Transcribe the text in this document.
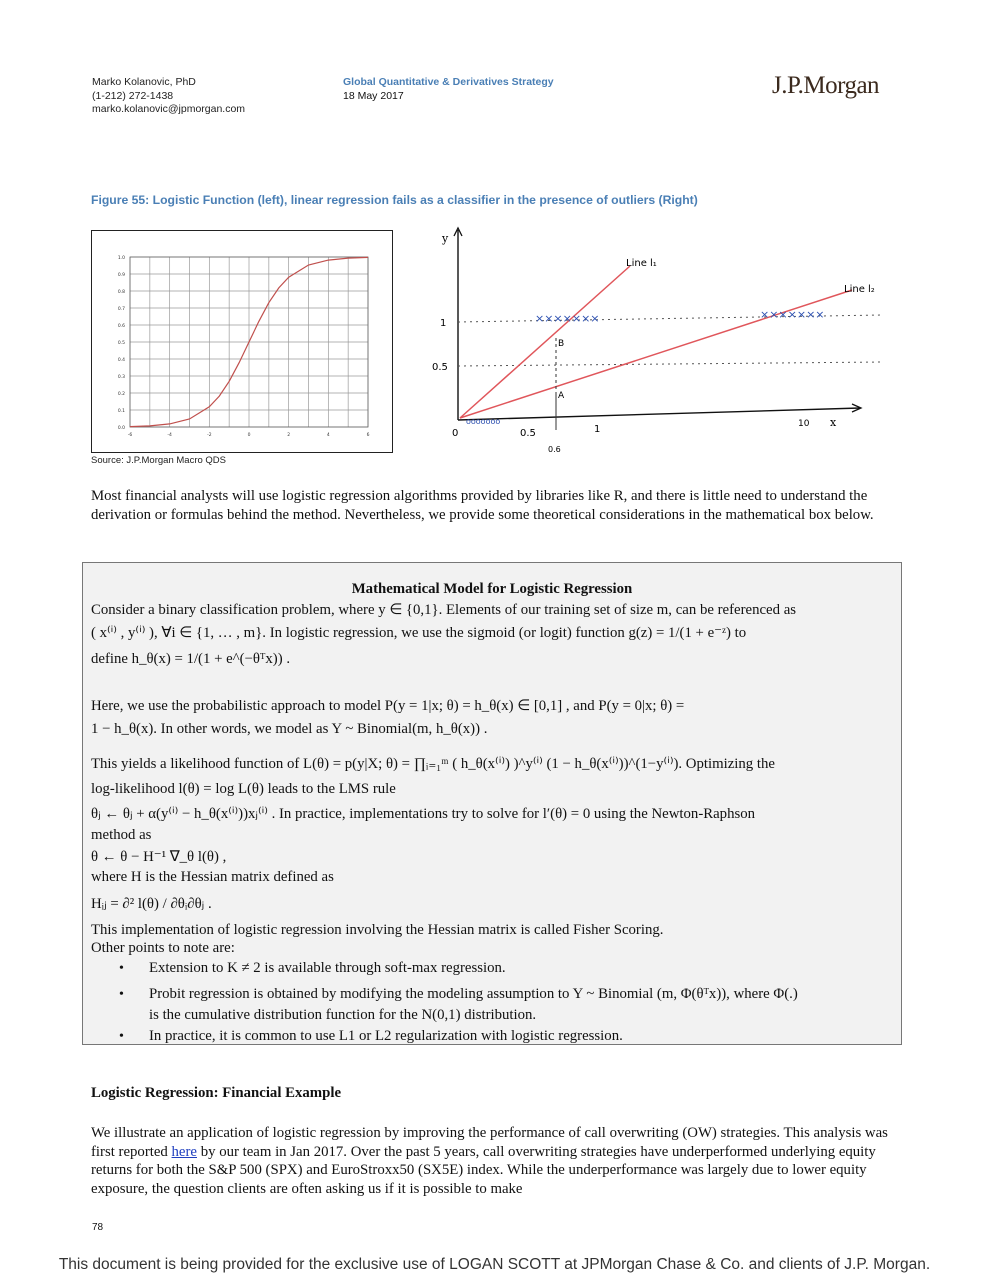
Marko Kolanovic, PhD
(1-212) 272-1438
marko.kolanovic@jpmorgan.com
Global Quantitative & Derivatives Strategy
18 May 2017	J.P.Morgan
Figure 55: Logistic Function (left), linear regression fails as a classifier in the presence of outliers (Right)
0.0
0.1
0.2
0.3
0.4
0.5
0.6
0.7
0.8
0.9
1.0
-6	-4	-2	0	2	4	6
×××××××	×××××××
ooooooo
y
x
Line l₁
Line l₂
1
0.5
0	0.5	1	10
0.6
B
A
Source: J.P.Morgan Macro QDS
Most financial analysts will use logistic regression algorithms provided by libraries like R, and there is little need to understand the derivation or formulas behind the method. Nevertheless, we provide some theoretical considerations in the mathematical box below.
Mathematical Model for Logistic Regression
Consider a binary classification problem, where y ∈ {0,1}. Elements of our training set of size m, can be referenced as
( x⁽ⁱ⁾ , y⁽ⁱ⁾ ), ∀i ∈ {1, … , m}. In logistic regression, we use the sigmoid (or logit) function g(z) = 1/(1 + e⁻ᶻ) to
define h_θ(x) = 1/(1 + e^(−θᵀx)) .
Here, we use the probabilistic approach to model P(y = 1|x; θ) = h_θ(x) ∈ [0,1] , and P(y = 0|x; θ) =
1 − h_θ(x). In other words, we model as Y ~ Binomial(m, h_θ(x)) .
This yields a likelihood function of L(θ) = p(y|X; θ) = ∏ᵢ₌₁ᵐ ( h_θ(x⁽ⁱ⁾) )^y⁽ⁱ⁾ (1 − h_θ(x⁽ⁱ⁾))^(1−y⁽ⁱ⁾). Optimizing the
log-likelihood l(θ) = log L(θ) leads to the LMS rule
θⱼ ← θⱼ + α(y⁽ⁱ⁾ − h_θ(x⁽ⁱ⁾))xⱼ⁽ⁱ⁾ . In practice, implementations try to solve for l′(θ) = 0 using the Newton-Raphson
method as
θ ← θ − H⁻¹ ∇_θ l(θ) ,
where H is the Hessian matrix defined as
Hᵢⱼ = ∂² l(θ) / ∂θᵢ∂θⱼ .
This implementation of logistic regression involving the Hessian matrix is called Fisher Scoring.
Other points to note are:
• Extension to K ≠ 2 is available through soft-max regression.
• Probit regression is obtained by modifying the modeling assumption to Y ~ Binomial (m, Φ(θᵀx)), where Φ(.)
is the cumulative distribution function for the N(0,1) distribution.
• In practice, it is common to use L1 or L2 regularization with logistic regression.
Logistic Regression: Financial Example
We illustrate an application of logistic regression by improving the performance of call overwriting (OW) strategies. This analysis was first reported here by our team in Jan 2017. Over the past 5 years, call overwriting strategies have underperformed underlying equity returns for both the S&P 500 (SPX) and EuroStroxx50 (SX5E) index. While the underperformance was largely due to lower equity exposure, the question clients are often asking us if it is possible to make
78
This document is being provided for the exclusive use of LOGAN SCOTT at JPMorgan Chase & Co. and clients of J.P. Morgan.
